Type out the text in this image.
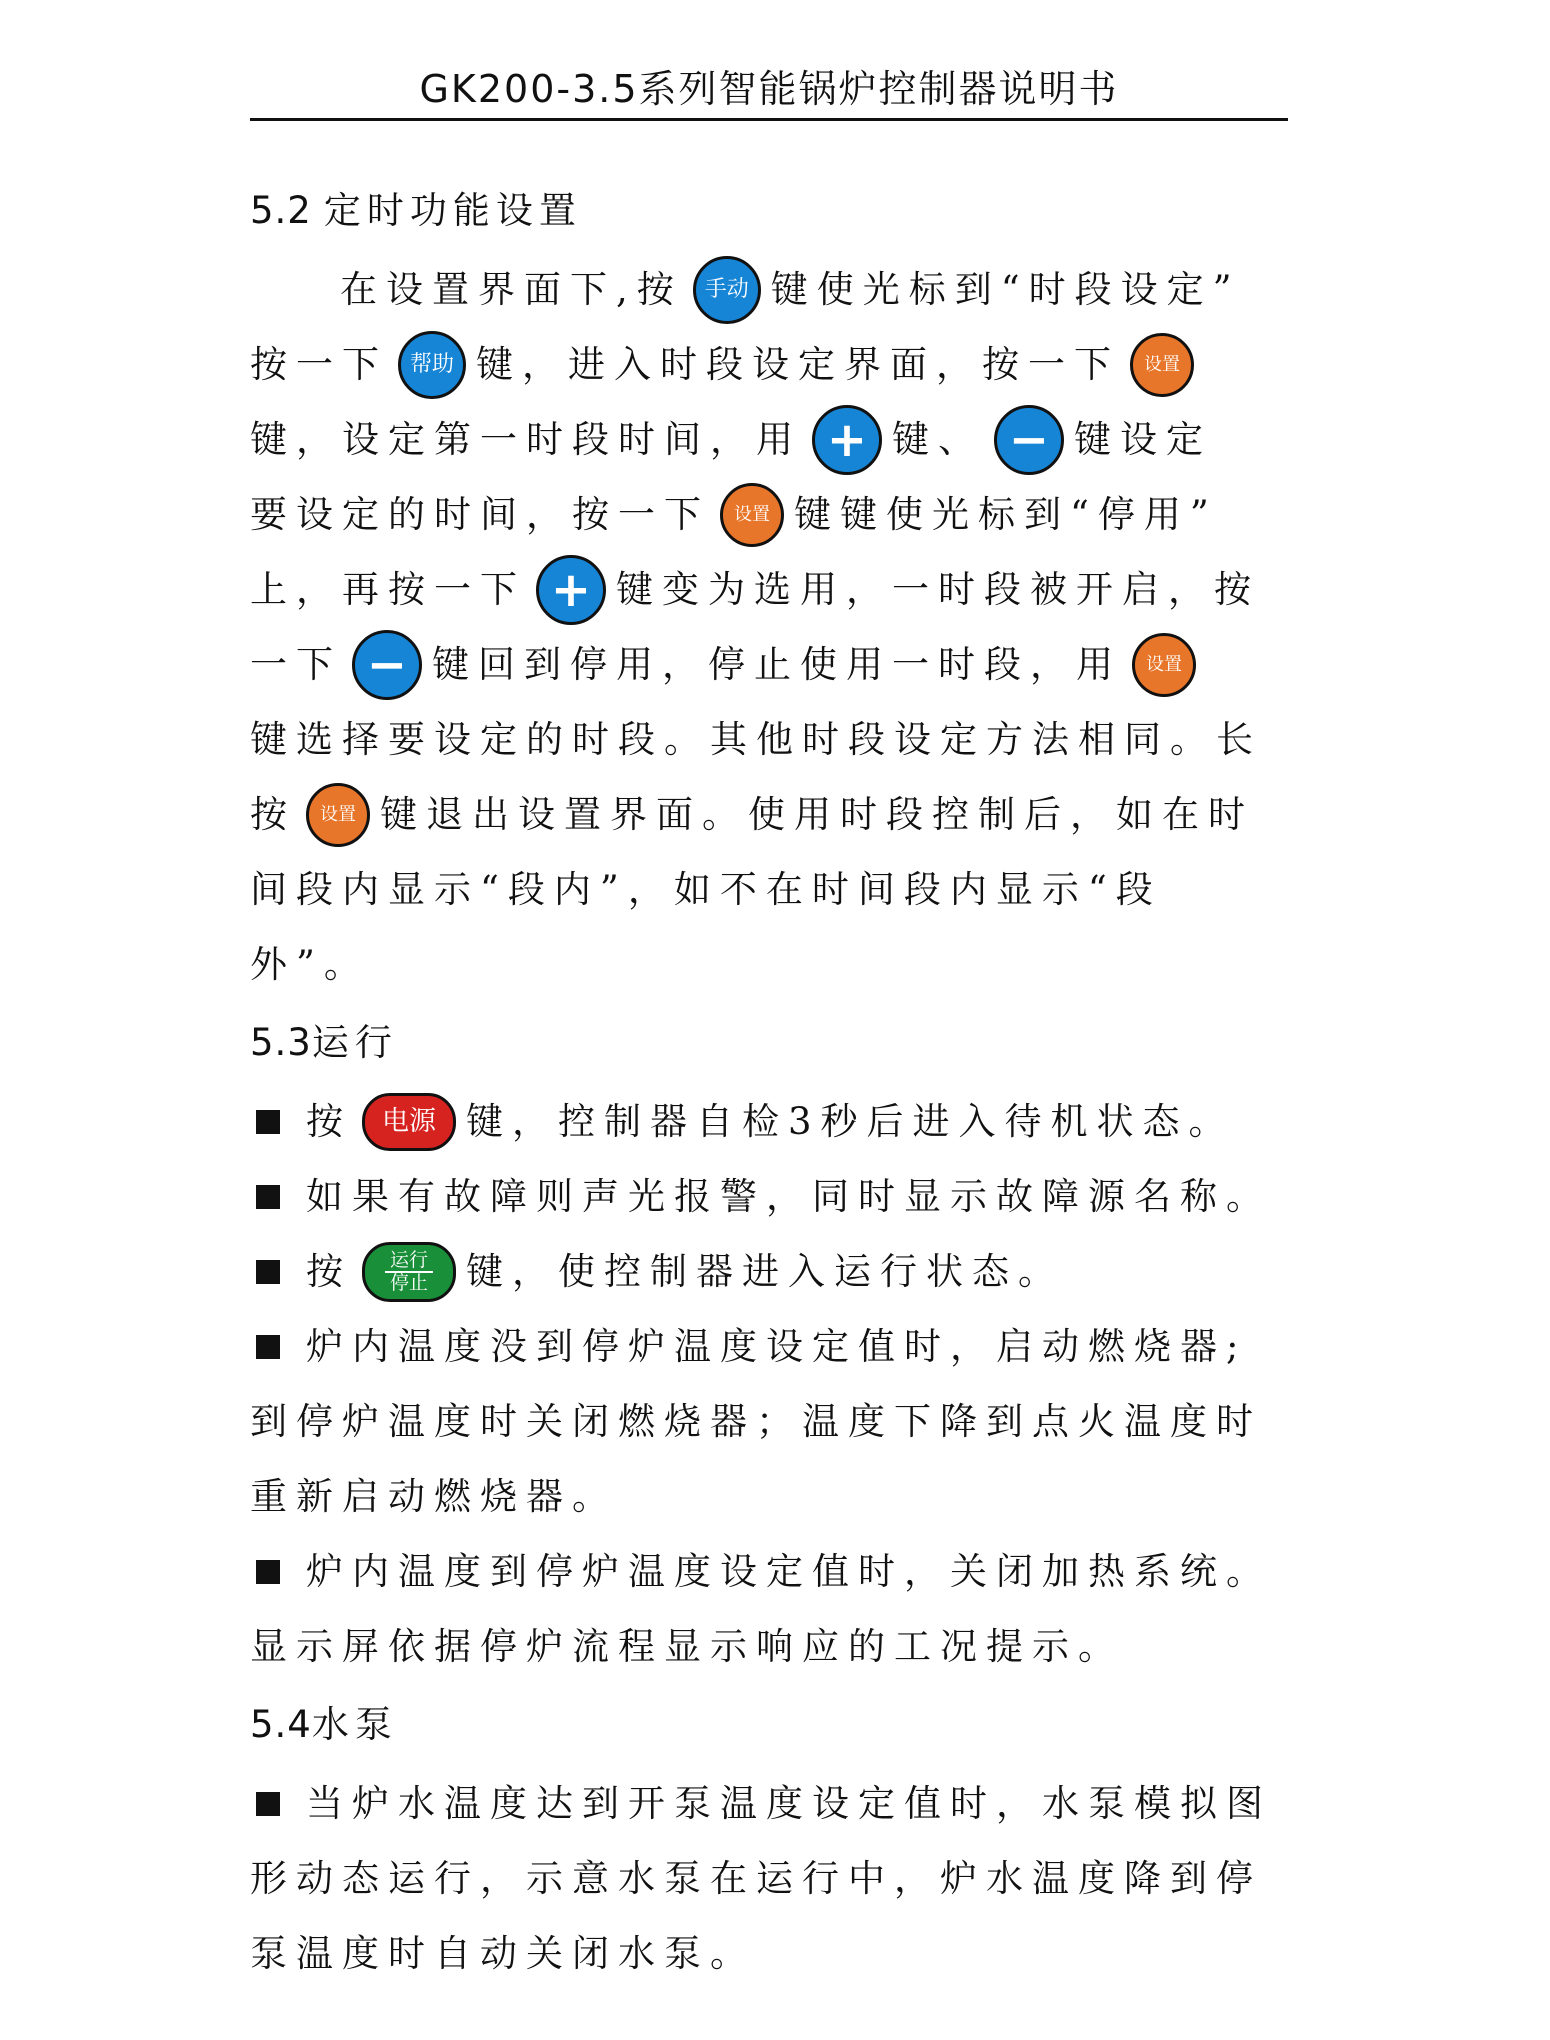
GK200-3.5系列智能锅炉控制器说明书
5.2 定时功能设置
在设置界面下,按 手动 键使光标到“时段设定”
按一下 帮助 键，进入时段设定界面，按一下	设置
键，设定第一时段时间，用 + 键、 − 键设定
要设定的时间，按一下	设置 键键使光标到“停用”
上，再按一下 + 键变为选用，一时段被开启，按
一下 − 键回到停用，停止使用一时段，用	设置
键选择要设定的时段。其他时段设定方法相同。长
按	设置 键退出设置界面。使用时段控制后，如在时
间段内显示“段内”，如不在时间段内显示“段
外”。
5.3运行
按	电源 键，控制器自检3秒后进入待机状态。
如果有故障则声光报警，同时显示故障源名称。
按 运行
停止 键，使控制器进入运行状态。
炉内温度没到停炉温度设定值时，启动燃烧器;
到停炉温度时关闭燃烧器；温度下降到点火温度时
重新启动燃烧器。
炉内温度到停炉温度设定值时，关闭加热系统。
显示屏依据停炉流程显示响应的工况提示。
5.4水泵
当炉水温度达到开泵温度设定值时，水泵模拟图
形动态运行，示意水泵在运行中，炉水温度降到停
泵温度时自动关闭水泵。
